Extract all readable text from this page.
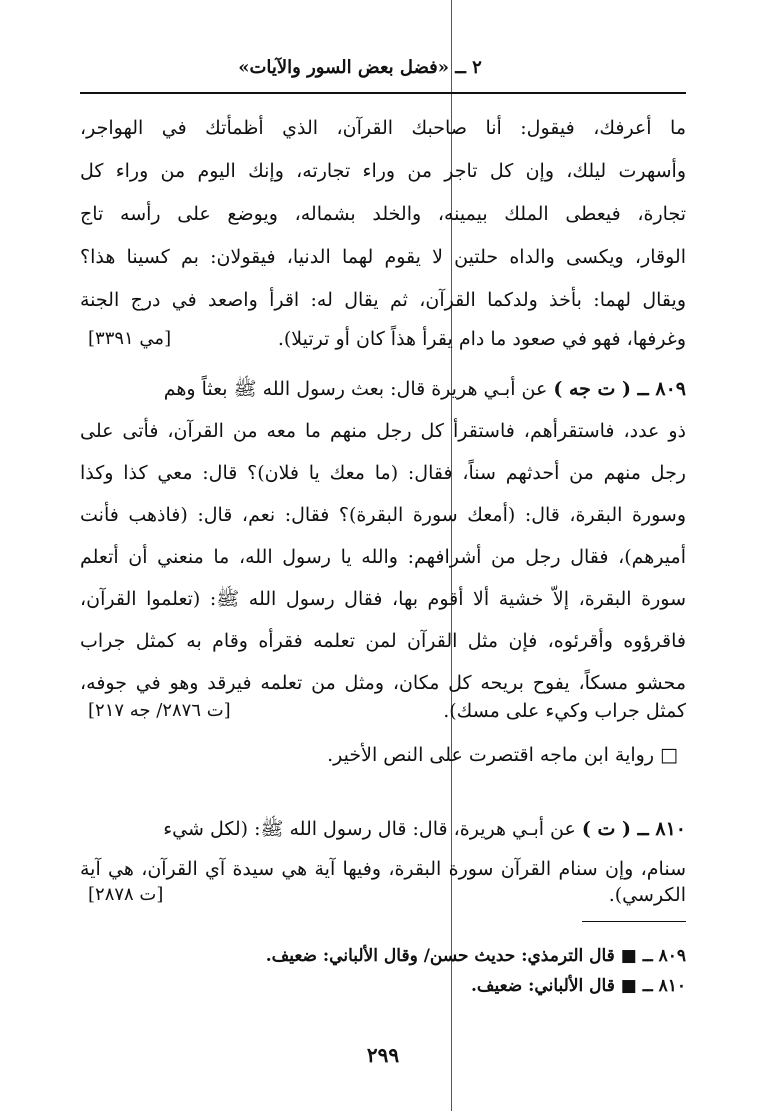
٢ ــ «فضل بعض السور والآيات»
ما أعرفك، فيقول: أنا صاحبك القرآن، الذي أظمأتك في الهواجر،
وأسهرت ليلك، وإن كل تاجر من وراء تجارته، وإنك اليوم من وراء كل
تجارة، فيعطى الملك بيمينه، والخلد بشماله، ويوضع على رأسه تاج
الوقار، ويكسى والداه حلتين لا يقوم لهما الدنيا، فيقولان: بم كسينا هذا؟
ويقال لهما: بأخذ ولدكما القرآن، ثم يقال له: اقرأ واصعد في درج الجنة
وغرفها، فهو في صعود ما دام يقرأ هذاً كان أو ترتيلا).
[مي ٣٣٩١]
٨٠٩ ــ ( ت جه ) عن أبـي هريرة قال: بعث رسول الله ﷺ بعثاً وهم
ذو عدد، فاستقرأهم، فاستقرأ كل رجل منهم ما معه من القرآن، فأتى على
رجل منهم من أحدثهم سناً، فقال: (ما معك يا فلان)؟ قال: معي كذا وكذا
وسورة البقرة، قال: (أمعك سورة البقرة)؟ فقال: نعم، قال: (فاذهب فأنت
أميرهم)، فقال رجل من أشرافهم: والله يا رسول الله، ما منعني أن أتعلم
سورة البقرة، إلاّ خشية ألا أقوم بها، فقال رسول الله ﷺ: (تعلموا القرآن،
فاقرؤوه وأقرئوه، فإن مثل القرآن لمن تعلمه فقرأه وقام به كمثل جراب
محشو مسكاً، يفوح بريحه كل مكان، ومثل من تعلمه فيرقد وهو في جوفه،
كمثل جراب وكيء على مسك).
[ت ٢٨٧٦/ جه ٢١٧]
□ رواية ابن ماجه اقتصرت على النص الأخير.
٨١٠ ــ ( ت ) عن أبـي هريرة، قال: قال رسول الله ﷺ: (لكل شيء
سنام، وإن سنام القرآن سورة البقرة، وفيها آية هي سيدة آي القرآن، هي آية
الكرسي).
[ت ٢٨٧٨]
٨٠٩ ــ ■ قال الترمذي: حديث حسن/ وقال الألباني: ضعيف.
٨١٠ ــ ■ قال الألباني: ضعيف.
٢٩٩
